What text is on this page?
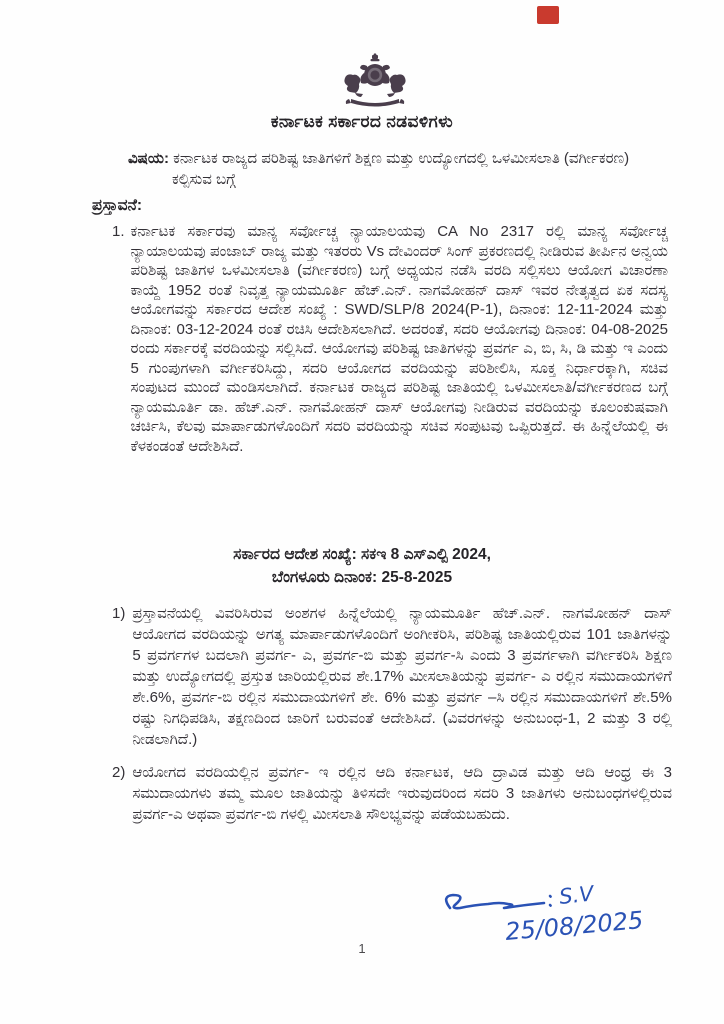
ಕರ್ನಾಟಕ ಸರ್ಕಾರದ ನಡವಳಿಗಳು
ವಿಷಯ: ಕರ್ನಾಟಕ ರಾಜ್ಯದ ಪರಿಶಿಷ್ಟ ಜಾತಿಗಳಿಗೆ ಶಿಕ್ಷಣ ಮತ್ತು ಉದ್ಯೋಗದಲ್ಲಿ ಒಳಮೀಸಲಾತಿ (ವರ್ಗೀಕರಣ) ಕಲ್ಪಿಸುವ ಬಗ್ಗೆ
ಪ್ರಸ್ತಾವನೆ:
1. ಕರ್ನಾಟಕ ಸರ್ಕಾರವು ಮಾನ್ಯ ಸರ್ವೋಚ್ಚ ನ್ಯಾಯಾಲಯವು CA No 2317 ರಲ್ಲಿ ಮಾನ್ಯ ಸರ್ವೋಚ್ಚ ನ್ಯಾಯಾಲಯವು ಪಂಜಾಬ್ ರಾಜ್ಯ ಮತ್ತು ಇತರರು Vs ದೇವಿಂದರ್ ಸಿಂಗ್ ಪ್ರಕರಣದಲ್ಲಿ ನೀಡಿರುವ ತೀರ್ಪಿನ ಅನ್ವಯ ಪರಿಶಿಷ್ಟ ಜಾತಿಗಳ ಒಳಮೀಸಲಾತಿ (ವರ್ಗೀಕರಣ) ಬಗ್ಗೆ ಅಧ್ಯಯನ ನಡೆಸಿ ವರದಿ ಸಲ್ಲಿಸಲು ಆಯೋಗ ವಿಚಾರಣಾ ಕಾಯ್ದೆ 1952 ರಂತೆ ನಿವೃತ್ತ ನ್ಯಾಯಮೂರ್ತಿ ಹೆಚ್.ಎನ್. ನಾಗಮೋಹನ್ ದಾಸ್ ಇವರ ನೇತೃತ್ವದ ಏಕ ಸದಸ್ಯ ಆಯೋಗವನ್ನು ಸರ್ಕಾರದ ಆದೇಶ ಸಂಖ್ಯೆ : SWD/SLP/8 2024(P-1), ದಿನಾಂಕ: 12-11-2024 ಮತ್ತು ದಿನಾಂಕ: 03-12-2024 ರಂತೆ ರಚಿಸಿ ಆದೇಶಿಸಲಾಗಿದೆ. ಅದರಂತೆ, ಸದರಿ ಆಯೋಗವು ದಿನಾಂಕ: 04-08-2025 ರಂದು ಸರ್ಕಾರಕ್ಕೆ ವರದಿಯನ್ನು ಸಲ್ಲಿಸಿದೆ. ಆಯೋಗವು ಪರಿಶಿಷ್ಟ ಜಾತಿಗಳನ್ನು ಪ್ರವರ್ಗ ಎ, ಬಿ, ಸಿ, ಡಿ ಮತ್ತು ಇ ಎಂದು 5 ಗುಂಪುಗಳಾಗಿ ವರ್ಗೀಕರಿಸಿದ್ದು, ಸದರಿ ಆಯೋಗದ ವರದಿಯನ್ನು ಪರಿಶೀಲಿಸಿ, ಸೂಕ್ತ ನಿರ್ಧಾರಕ್ಕಾಗಿ, ಸಚಿವ ಸಂಪುಟದ ಮುಂದೆ ಮಂಡಿಸಲಾಗಿದೆ. ಕರ್ನಾಟಕ ರಾಜ್ಯದ ಪರಿಶಿಷ್ಟ ಜಾತಿಯಲ್ಲಿ ಒಳಮೀಸಲಾತಿ/ವರ್ಗೀಕರಣದ ಬಗ್ಗೆ ನ್ಯಾಯಮೂರ್ತಿ ಡಾ. ಹೆಚ್.ಎನ್. ನಾಗಮೋಹನ್ ದಾಸ್ ಆಯೋಗವು ನೀಡಿರುವ ವರದಿಯನ್ನು ಕೂಲಂಕುಷವಾಗಿ ಚರ್ಚಿಸಿ, ಕೆಲವು ಮಾರ್ಪಾಡುಗಳೊಂದಿಗೆ ಸದರಿ ವರದಿಯನ್ನು ಸಚಿವ ಸಂಪುಟವು ಒಪ್ಪಿರುತ್ತದೆ. ಈ ಹಿನ್ನೆಲೆಯಲ್ಲಿ ಈ ಕೆಳಕಂಡಂತೆ ಆದೇಶಿಸಿದೆ.
ಸರ್ಕಾರದ ಆದೇಶ ಸಂಖ್ಯೆ: ಸಕಇ 8 ಎಸ್ಎಲ್ಪಿ 2024,
ಬೆಂಗಳೂರು ದಿನಾಂಕ: 25-8-2025
1) ಪ್ರಸ್ತಾವನೆಯಲ್ಲಿ ವಿವರಿಸಿರುವ ಅಂಶಗಳ ಹಿನ್ನೆಲೆಯಲ್ಲಿ ನ್ಯಾಯಮೂರ್ತಿ ಹೆಚ್.ಎನ್. ನಾಗಮೋಹನ್ ದಾಸ್ ಆಯೋಗದ ವರದಿಯನ್ನು ಅಗತ್ಯ ಮಾರ್ಪಾಡುಗಳೊಂದಿಗೆ ಅಂಗೀಕರಿಸಿ, ಪರಿಶಿಷ್ಟ ಜಾತಿಯಲ್ಲಿರುವ 101 ಜಾತಿಗಳನ್ನು 5 ಪ್ರವರ್ಗಗಳ ಬದಲಾಗಿ ಪ್ರವರ್ಗ- ಎ, ಪ್ರವರ್ಗ-ಬಿ ಮತ್ತು ಪ್ರವರ್ಗ-ಸಿ ಎಂದು 3 ಪ್ರವರ್ಗಳಾಗಿ ವರ್ಗೀಕರಿಸಿ ಶಿಕ್ಷಣ ಮತ್ತು ಉದ್ಯೋಗದಲ್ಲಿ ಪ್ರಸ್ತುತ ಜಾರಿಯಲ್ಲಿರುವ ಶೇ.17% ಮೀಸಲಾತಿಯನ್ನು ಪ್ರವರ್ಗ- ಎ ರಲ್ಲಿನ ಸಮುದಾಯಗಳಿಗೆ ಶೇ.6%, ಪ್ರವರ್ಗ-ಬಿ ರಲ್ಲಿನ ಸಮುದಾಯಗಳಿಗೆ ಶೇ. 6% ಮತ್ತು ಪ್ರವರ್ಗ –ಸಿ ರಲ್ಲಿನ ಸಮುದಾಯಗಳಿಗೆ ಶೇ.5% ರಷ್ಟು ನಿಗಧಿಪಡಿಸಿ, ತಕ್ಷಣದಿಂದ ಜಾರಿಗೆ ಬರುವಂತೆ ಆದೇಶಿಸಿದೆ. (ವಿವರಗಳನ್ನು ಅನುಬಂಧ-1, 2 ಮತ್ತು 3 ರಲ್ಲಿ ನೀಡಲಾಗಿದೆ.)
2) ಆಯೋಗದ ವರದಿಯಲ್ಲಿನ ಪ್ರವರ್ಗ- ಇ ರಲ್ಲಿನ ಆದಿ ಕರ್ನಾಟಕ, ಆದಿ ದ್ರಾವಿಡ ಮತ್ತು ಆದಿ ಆಂಧ್ರ ಈ 3 ಸಮುದಾಯಗಳು ತಮ್ಮ ಮೂಲ ಜಾತಿಯನ್ನು ತಿಳಿಸದೇ ಇರುವುದರಿಂದ ಸದರಿ 3 ಜಾತಿಗಳು ಅನುಬಂಧಗಳಲ್ಲಿರುವ ಪ್ರವರ್ಗ-ಎ ಅಥವಾ ಪ್ರವರ್ಗ-ಬಿ ಗಳಲ್ಲಿ ಮೀಸಲಾತಿ ಸೌಲಭ್ಯವನ್ನು ಪಡೆಯಬಹುದು.
S.V
25/08/2025
1
